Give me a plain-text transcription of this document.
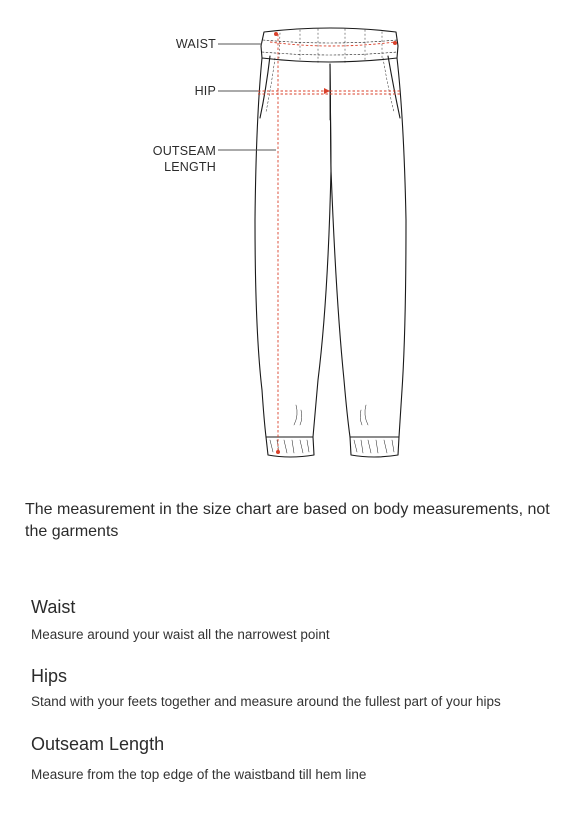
WAIST
HIP
OUTSEAM
LENGTH
The measurement in the size chart are based on body measurements, not the garments
Waist
Measure around your waist all the narrowest point
Hips
Stand with your feets together and measure around the fullest part of your hips
Outseam Length
Measure from the top edge of the waistband till hem line
